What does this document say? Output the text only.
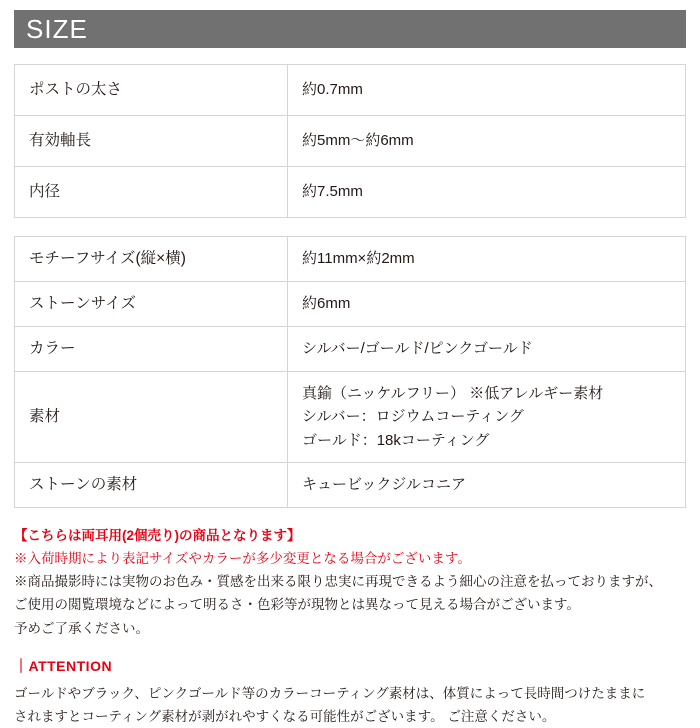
SIZE
ポストの太さ	約0.7mm
有効軸長	約5mm〜約6mm
内径	約7.5mm
モチーフサイズ(縦×横)	約11mm×約2mm

ストーンサイズ	約6mm

カラー	シルバー/ゴールド/ピンクゴールド

素材	真鍮（ニッケルフリー） ※低アレルギー素材
シルバー：ロジウムコーティング
ゴールド：18kコーティング

ストーンの素材	キュービックジルコニア
【こちらは両耳用(2個売り)の商品となります】
※入荷時期により表記サイズやカラーが多少変更となる場合がございます。
※商品撮影時には実物のお色み・質感を出来る限り忠実に再現できるよう細心の注意を払っておりますが、
ご使用の閲覧環境などによって明るさ・色彩等が現物とは異なって見える場合がございます。
予めご了承ください。
｜ATTENTION
ゴールドやブラック、ピンクゴールド等のカラーコーティング素材は、体質によって長時間つけたままに
されますとコーティング素材が剥がれやすくなる可能性がございます。 ご注意ください。
